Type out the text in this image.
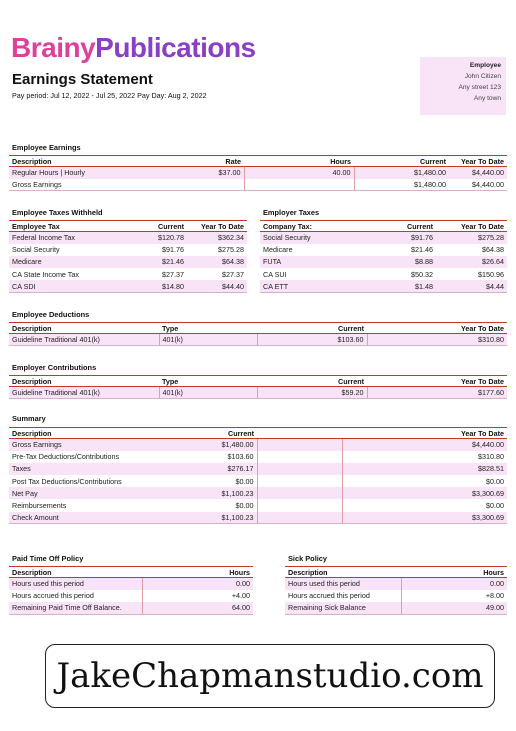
BrainyPublications
Earnings Statement
Pay period: Jul 12, 2022 - Jul 25, 2022 Pay Day: Aug 2, 2022
Employee
John Citizen
Any street 123
Any town
Employee Earnings
Description	Rate	Hours	Current	Year To Date
Regular Hours | Hourly	$37.00	40.00	$1,480.00	$4,440.00
Gross Earnings			$1,480.00	$4,440.00
Employee Taxes Withheld
Employee Tax	Current	Year To Date
Federal Income Tax	$120.78	$362.34
Social Security	$91.76	$275.28
Medicare	$21.46	$64.38
CA State Income Tax	$27.37	$27.37
CA SDI	$14.80	$44.40
Employer Taxes
Company Tax:	Current	Year To Date
Social Security	$91.76	$275.28
Medicare	$21.46	$64.38
FUTA	$8.88	$26.64
CA SUI	$50.32	$150.96
CA ETT	$1.48	$4.44
Employee Deductions
Description	Type	Current	Year To Date
Guideline Traditional 401(k)	401(k)	$103.60	$310.80
Employer Contributions
Description	Type	Current	Year To Date
Guideline Traditional 401(k)	401(k)	$59.20	$177.60
Summary
Description	Current		Year To Date
Gross Earnings	$1,480.00		$4,440.00
Pre-Tax Deductions/Contributions	$103.60		$310.80
Taxes	$276.17		$828.51
Post Tax Deductions/Contributions	$0.00		$0.00
Net Pay	$1,100.23		$3,300.69
Reimbursements	$0.00		$0.00
Check Amount	$1,100.23		$3,300.69
Paid Time Off Policy
Description	Hours
Hours used this period	0.00
Hours accrued this period	+4.00
Remaining Paid Time Off Balance.	64.00
Sick Policy
Description	Hours
Hours used this period	0.00
Hours accrued this period	+8.00
Remaining Sick Balance	49.00
JakeChapmanstudio.com
